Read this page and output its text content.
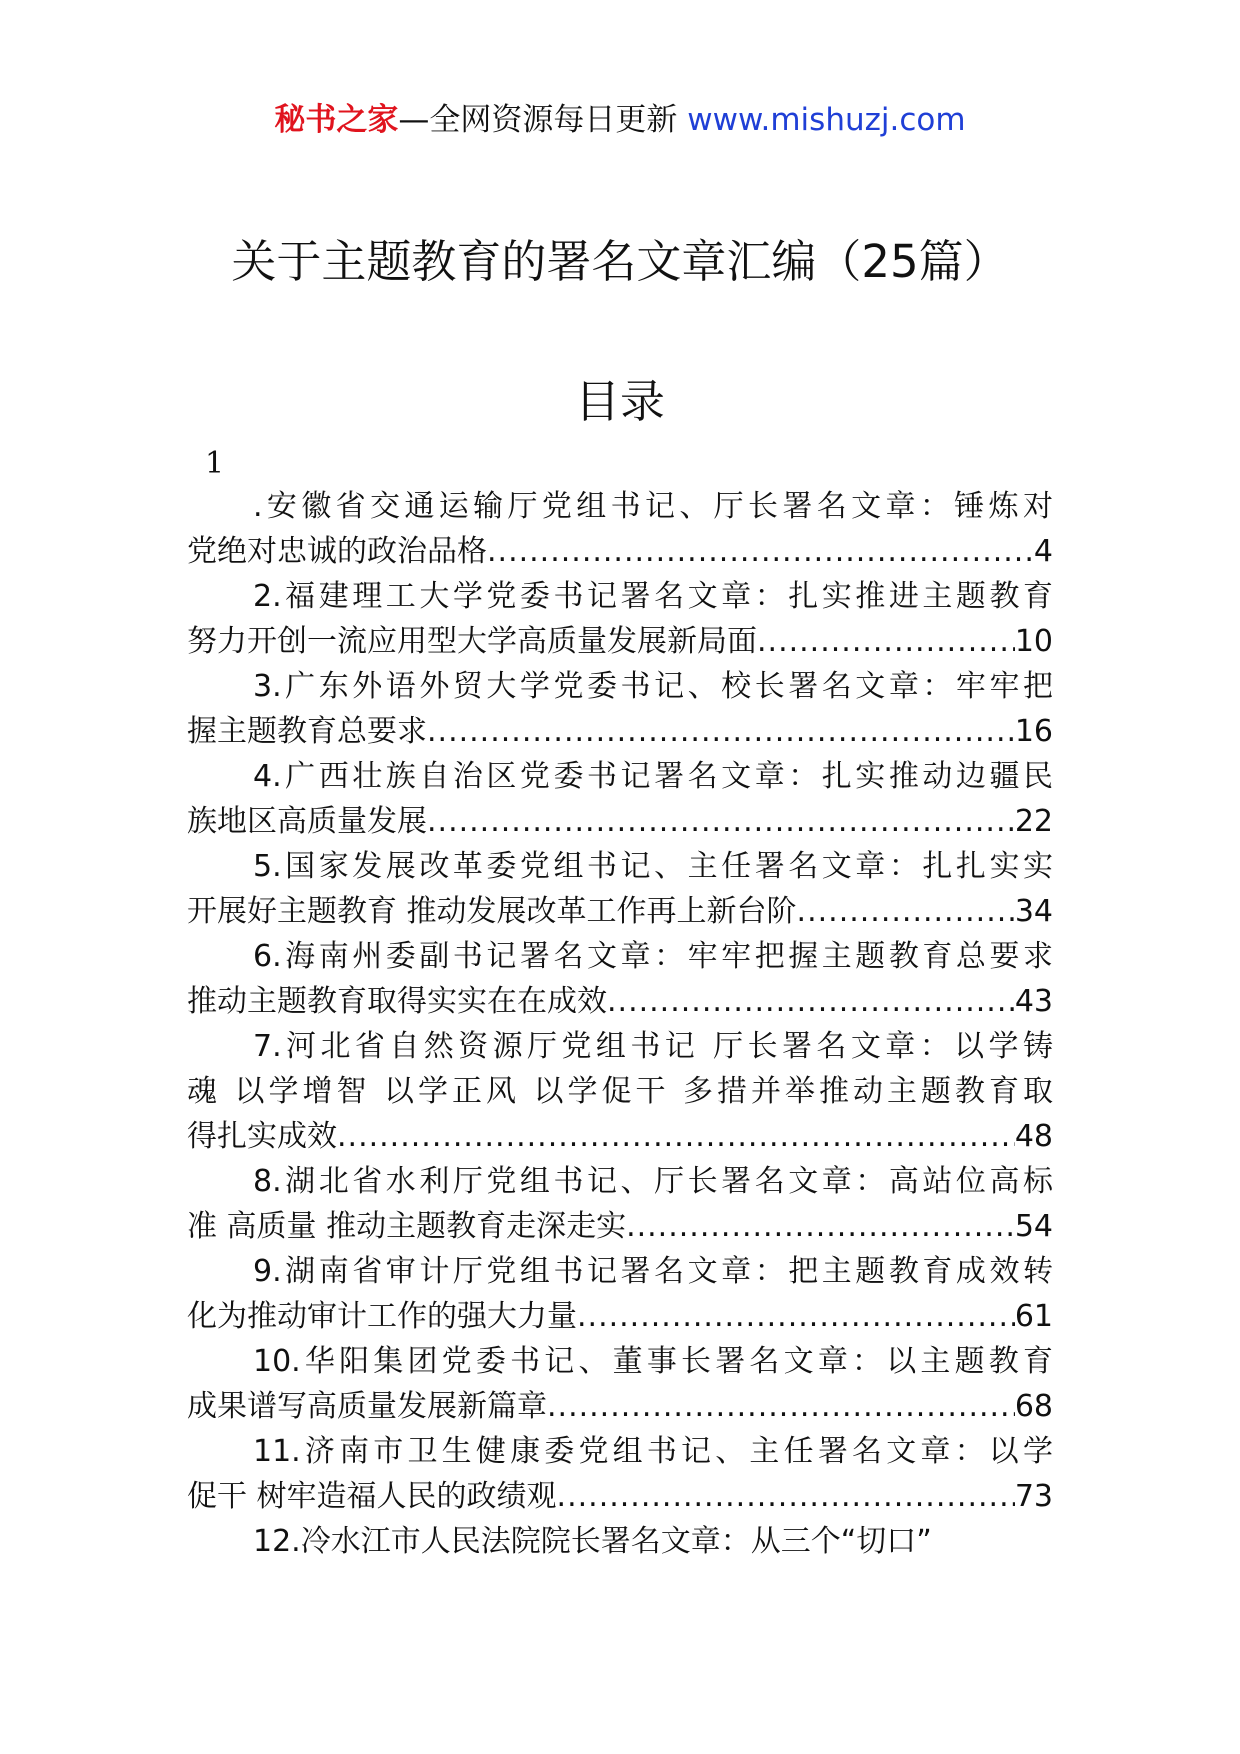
秘书之家—全网资源每日更新 www.mishuzj.com
关于主题教育的署名文章汇编（25篇）
目录
1
.安徽省交通运输厅党组书记、厅长署名文章：锤炼对
党绝对忠诚的政治品格 .....	4
2.福建理工大学党委书记署名文章：扎实推进主题教育
努力开创一流应用型大学高质量发展新局面 .....	10
3.广东外语外贸大学党委书记、校长署名文章：牢牢把
握主题教育总要求 .....	16
4.广西壮族自治区党委书记署名文章：扎实推动边疆民
族地区高质量发展 .....	22
5.国家发展改革委党组书记、主任署名文章：扎扎实实
开展好主题教育 推动发展改革工作再上新台阶 .....	34
6.海南州委副书记署名文章：牢牢把握主题教育总要求
推动主题教育取得实实在在成效 .....	43
7.河北省自然资源厅党组书记 厅长署名文章：以学铸
魂 以学增智 以学正风 以学促干 多措并举推动主题教育取
得扎实成效 .....	48
8.湖北省水利厅党组书记、厅长署名文章：高站位高标
准 高质量 推动主题教育走深走实 .....	54
9.湖南省审计厅党组书记署名文章：把主题教育成效转
化为推动审计工作的强大力量 .....	61
10.华阳集团党委书记、董事长署名文章：以主题教育
成果谱写高质量发展新篇章 .....	68
11.济南市卫生健康委党组书记、主任署名文章：以学
促干 树牢造福人民的政绩观 .....	73
12.冷水江市人民法院院长署名文章：从三个“切口”
